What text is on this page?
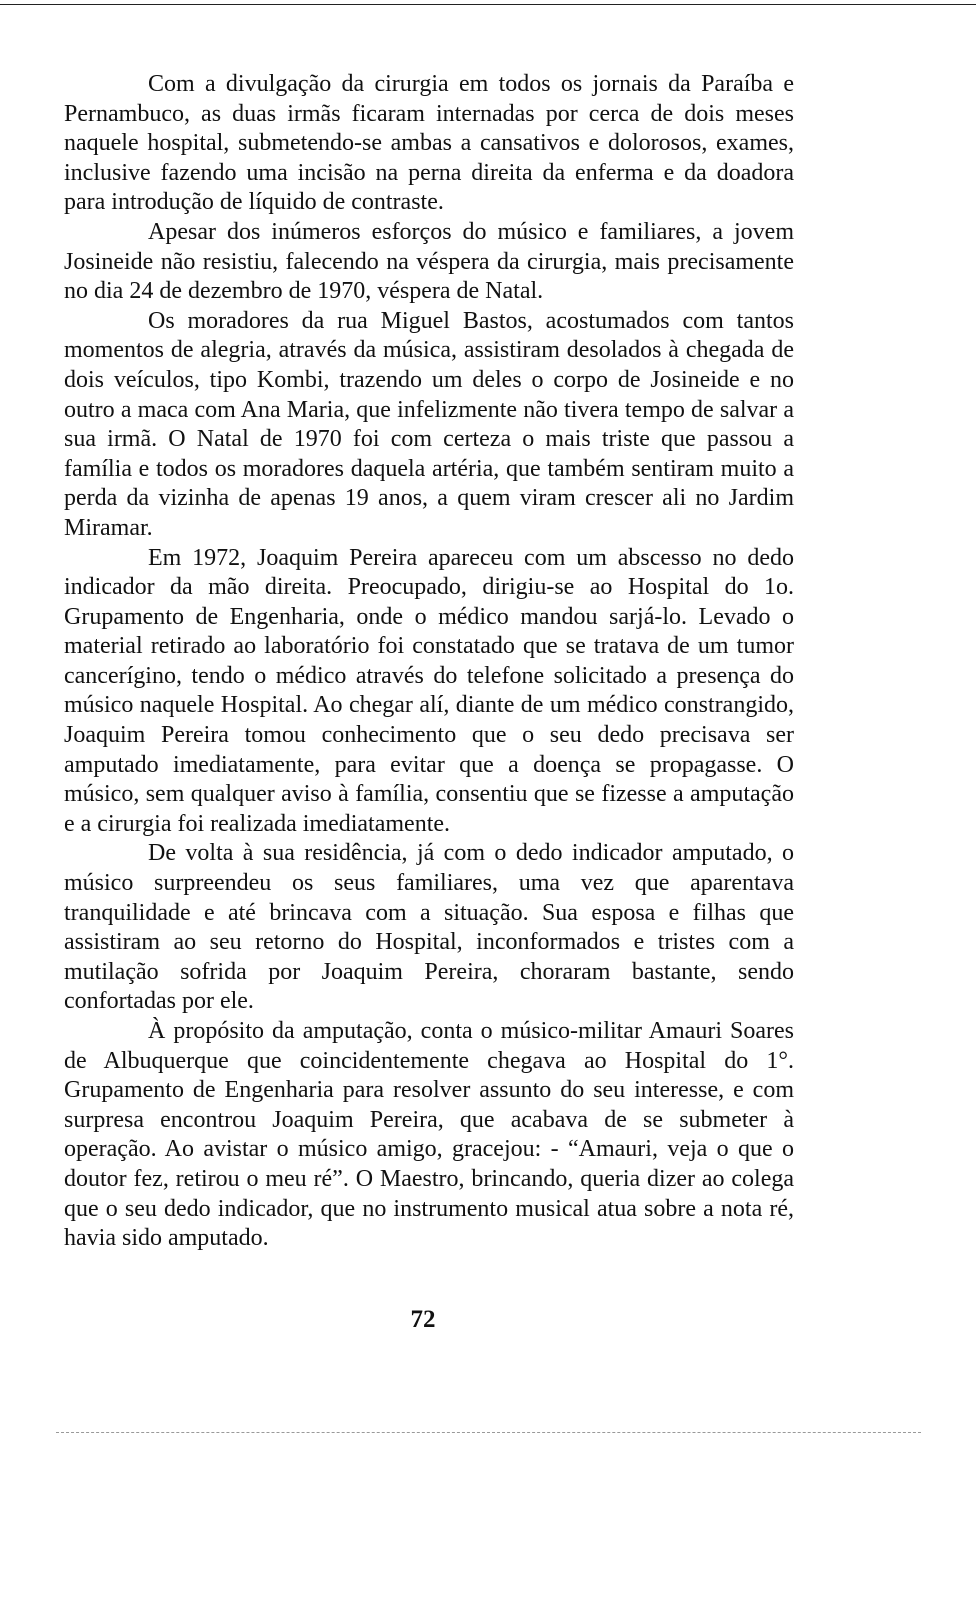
Com a divulgação da cirurgia em todos os jornais da Paraíba e Pernambuco, as duas irmãs ficaram internadas por cerca de dois meses naquele hospital, submetendo-se ambas a cansativos e dolorosos, exames, inclusive fazendo uma incisão na perna direita da enferma e da doadora para introdução de líquido de contraste.

Apesar dos inúmeros esforços do músico e familiares, a jovem Josineide não resistiu, falecendo na véspera da cirurgia, mais precisamente no dia 24 de dezembro de 1970, véspera de Natal.

Os moradores da rua Miguel Bastos, acostumados com tantos momentos de alegria, através da música, assistiram desolados à chegada de dois veículos, tipo Kombi, trazendo um deles o corpo de Josineide e no outro a maca com Ana Maria, que infelizmente não tivera tempo de salvar a sua irmã. O Natal de 1970 foi com certeza o mais triste que passou a família e todos os moradores daquela artéria, que também sentiram muito a perda da vizinha de apenas 19 anos, a quem viram crescer ali no Jardim Miramar.

Em 1972, Joaquim Pereira apareceu com um abscesso no dedo indicador da mão direita. Preocupado, dirigiu-se ao Hospital do 1o. Grupamento de Engenharia, onde o médico mandou sarjá-lo. Levado o material retirado ao laboratório foi constatado que se tratava de um tumor cancerígino, tendo o médico através do telefone solicitado a presença do músico naquele Hospital. Ao chegar alí, diante de um médico constrangido, Joaquim Pereira tomou conhecimento que o seu dedo precisava ser amputado imediatamente, para evitar que a doença se propagasse. O músico, sem qualquer aviso à família, consentiu que se fizesse a amputação e a cirurgia foi realizada imediatamente.

De volta à sua residência, já com o dedo indicador amputado, o músico surpreendeu os seus familiares, uma vez que aparentava tranquilidade e até brincava com a situação. Sua esposa e filhas que assistiram ao seu retorno do Hospital, inconformados e tristes com a mutilação sofrida por Joaquim Pereira, choraram bastante, sendo confortadas por ele.

À propósito da amputação, conta o músico-militar Amauri Soares de Albuquerque que coincidentemente chegava ao Hospital do 1°. Grupamento de Engenharia para resolver assunto do seu interesse, e com surpresa encontrou Joaquim Pereira, que acabava de se submeter à operação. Ao avistar o músico amigo, gracejou: - “Amauri, veja o que o doutor fez, retirou o meu ré”. O Maestro, brincando, queria dizer ao colega que o seu dedo indicador, que no instrumento musical atua sobre a nota ré, havia sido amputado.

72
